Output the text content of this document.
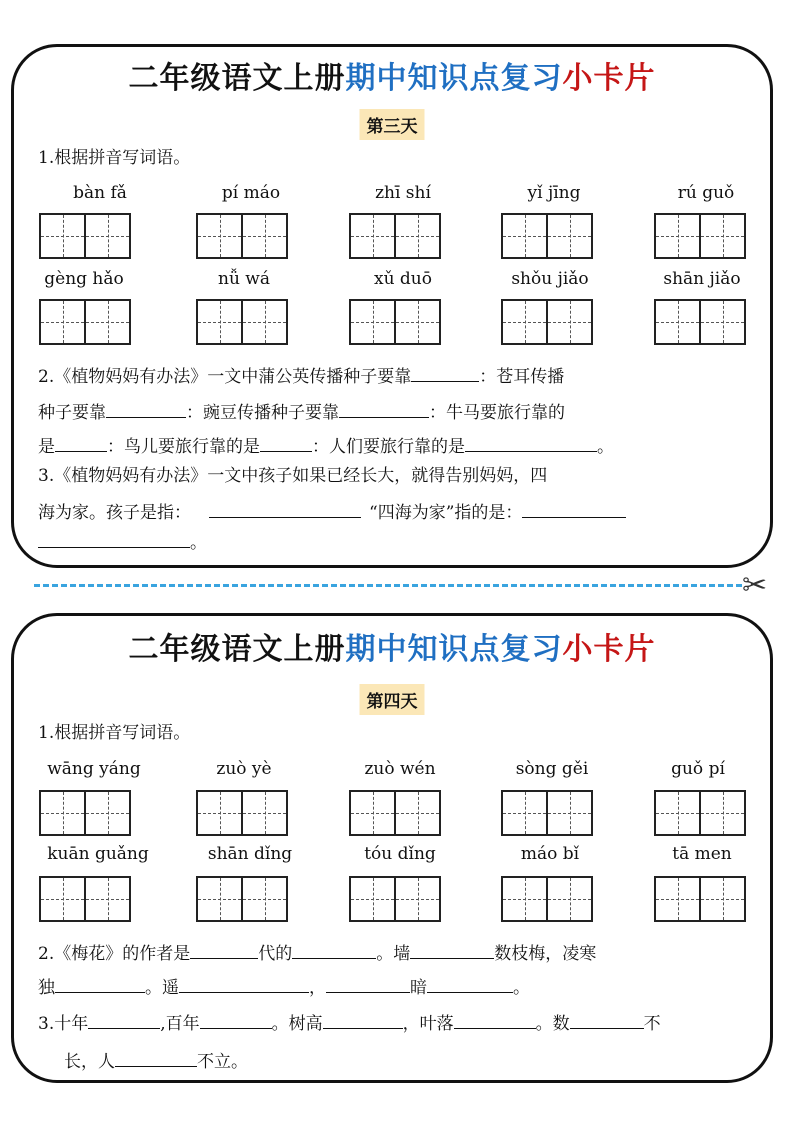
二年级语文上册期中知识点复习小卡片
第三天
1.根据拼音写词语。
bàn fǎ	pí máo	zhī shí	yǐ jīng	rú guǒ
gèng hǎo	nǚ wá	xǔ duō	shǒu jiǎo	shān jiǎo
2.《植物妈妈有办法》一文中蒲公英传播种子要靠	：苍耳传播
种子要靠	：豌豆传播种子要靠	：牛马要旅行靠的
是	：鸟儿要旅行靠的是	：人们要旅行靠的是	。
3.《植物妈妈有办法》一文中孩子如果已经长大，就得告别妈妈，四
海为家。孩子是指：	“四海为家”指的是：
。
✂
二年级语文上册期中知识点复习小卡片
第四天
1.根据拼音写词语。
wāng yáng	zuò yè	zuò wén	sòng gěi	guǒ pí
kuān guǎng	shān dǐng	tóu dǐng	máo bǐ	tā men
2.《梅花》的作者是	代的	。墙	数枝梅，凌寒
独	。遥	，	暗	。
3.十年	,百年	。树高	，叶落	。数	不
长，人	不立。
